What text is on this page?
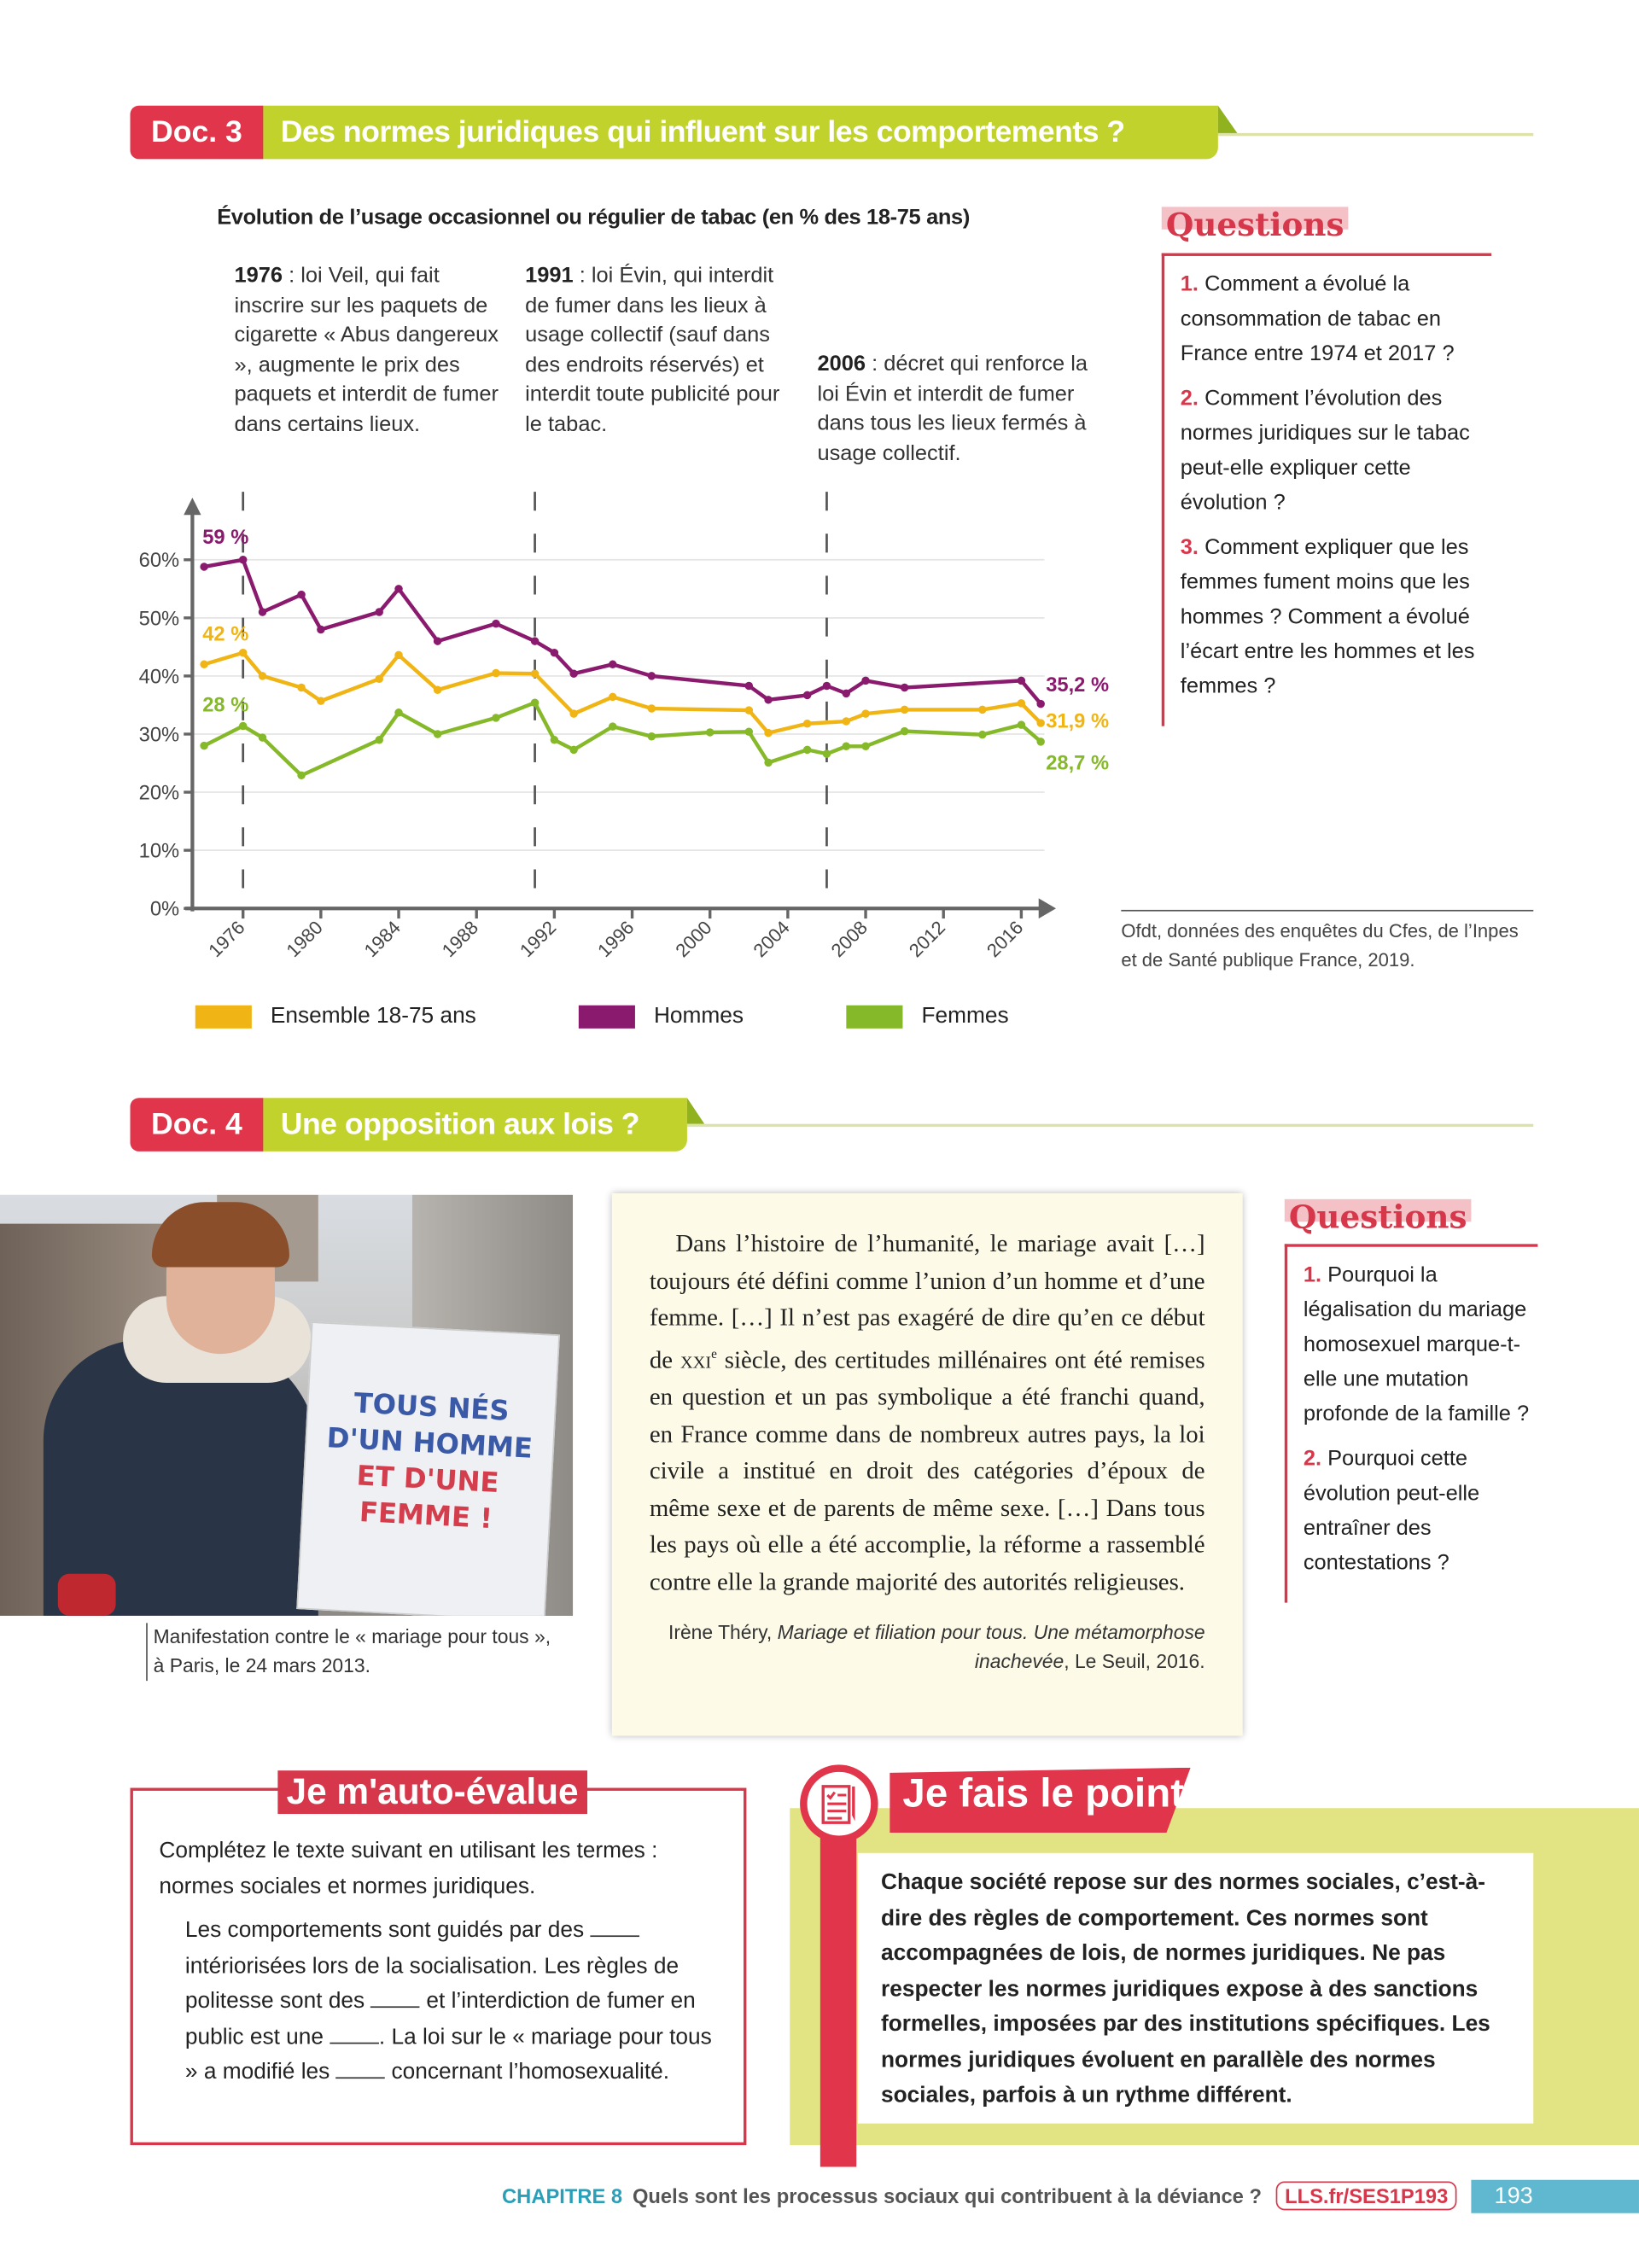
Doc. 3	Des normes juridiques qui influent sur les comportements ?
Évolution de l’usage occasionnel ou régulier de tabac (en % des 18-75 ans)
1976 : loi Veil, qui fait inscrire sur les paquets de cigarette « Abus dangereux », augmente le prix des paquets et interdit de fumer dans certains lieux.
1991 : loi Évin, qui interdit de fumer dans les lieux à usage collectif (sauf dans des endroits réservés) et interdit toute publicité pour le tabac.
2006 : décret qui renforce la loi Évin et interdit de fumer dans tous les lieux fermés à usage collectif.
0%
10%
20%
30%
40%
50%
60%
1976	1980	1984	1988	1992	1996	2000	2004	2008	2012	2016
59 %
35,2 %
42 %
31,9 %
28 %
28,7 %
Ensemble 18-75 ans	Hommes	Femmes
Ofdt, données des enquêtes du Cfes, de l’Inpes et de Santé publique France, 2019.
Questions

1. Comment a évolué la consommation de tabac en France entre 1974 et 2017 ?

2. Comment l’évolution des normes juridiques sur le tabac peut-elle expliquer cette évolution ?

3. Comment expliquer que les femmes fument moins que les hommes ? Comment a évolué l’écart entre les hommes et les femmes ?

Doc. 4	Une opposition aux lois ?
TOUS NÉS
D'UN HOMME
ET D'UNE
FEMME !
Manifestation contre le « mariage pour tous », à Paris, le 24 mars 2013.
Dans l’histoire de l’humanité, le mariage avait […] toujours été défini comme l’union d’un homme et d’une femme. […] Il n’est pas exagéré de dire qu’en ce début de xxi$^e$ siècle, des certitudes millénaires ont été remises en question et un pas symbolique a été franchi quand, en France comme dans de nombreux autres pays, la loi civile a institué en droit des catégories d’époux de même sexe et de parents de même sexe. […] Dans tous les pays où elle a été accomplie, la réforme a rassemblé contre elle la grande majorité des autorités religieuses.
Irène Théry, Mariage et filiation pour tous. Une métamorphose inachevée, Le Seuil, 2016.
Questions

1. Pourquoi la légalisation du mariage homosexuel marque-t-elle une mutation profonde de la famille ?

2. Pourquoi cette évolution peut-elle entraîner des contestations ?

Complétez le texte suivant en utilisant les termes : normes sociales et normes juridiques.
Les comportements sont guidés par des  intériorisées lors de la socialisation. Les règles de politesse sont des	et l’interdiction de fumer en public est une	. La loi sur le « mariage pour tous » a modifié les	concernant l’homosexualité.
Je m'auto-évalue	Je fais le point
Chaque société repose sur des normes sociales, c’est-à-dire des règles de comportement. Ces normes sont accompagnées de lois, de normes juridiques. Ne pas respecter les normes juridiques expose à des sanctions formelles, imposées par des institutions spécifiques. Les normes juridiques évoluent en parallèle des normes sociales, parfois à un rythme différent.
CHAPITRE 8 Quels sont les processus sociaux qui contribuent à la déviance ?	LLS.fr/SES1P193	193
